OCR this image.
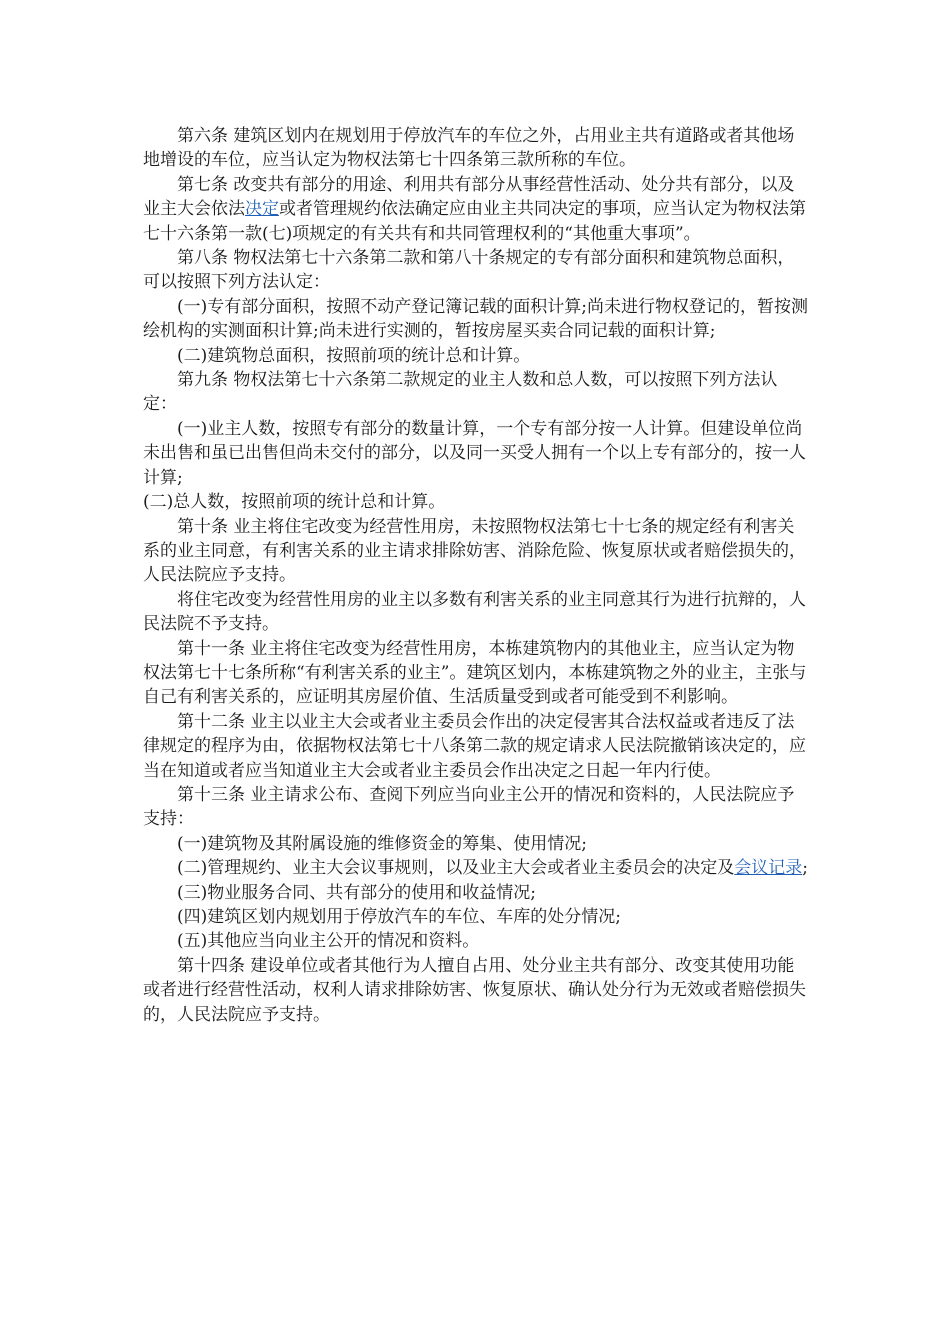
第六条 建筑区划内在规划用于停放汽车的车位之外，占用业主共有道路或者其他场地增设的车位，应当认定为物权法第七十四条第三款所称的车位。

第七条 改变共有部分的用途、利用共有部分从事经营性活动、处分共有部分，以及业主大会依法决定或者管理规约依法确定应由业主共同决定的事项，应当认定为物权法第七十六条第一款(七)项规定的有关共有和共同管理权利的“其他重大事项”。

第八条 物权法第七十六条第二款和第八十条规定的专有部分面积和建筑物总面积，可以按照下列方法认定：

(一)专有部分面积，按照不动产登记簿记载的面积计算;尚未进行物权登记的，暂按测绘机构的实测面积计算;尚未进行实测的，暂按房屋买卖合同记载的面积计算;

(二)建筑物总面积，按照前项的统计总和计算。

第九条 物权法第七十六条第二款规定的业主人数和总人数，可以按照下列方法认定：

(一)业主人数，按照专有部分的数量计算，一个专有部分按一人计算。但建设单位尚未出售和虽已出售但尚未交付的部分，以及同一买受人拥有一个以上专有部分的，按一人计算;

(二)总人数，按照前项的统计总和计算。

第十条 业主将住宅改变为经营性用房，未按照物权法第七十七条的规定经有利害关系的业主同意，有利害关系的业主请求排除妨害、消除危险、恢复原状或者赔偿损失的，人民法院应予支持。

将住宅改变为经营性用房的业主以多数有利害关系的业主同意其行为进行抗辩的，人民法院不予支持。

第十一条 业主将住宅改变为经营性用房，本栋建筑物内的其他业主，应当认定为物权法第七十七条所称“有利害关系的业主”。建筑区划内，本栋建筑物之外的业主，主张与自己有利害关系的，应证明其房屋价值、生活质量受到或者可能受到不利影响。

第十二条 业主以业主大会或者业主委员会作出的决定侵害其合法权益或者违反了法律规定的程序为由，依据物权法第七十八条第二款的规定请求人民法院撤销该决定的，应当在知道或者应当知道业主大会或者业主委员会作出决定之日起一年内行使。

第十三条 业主请求公布、查阅下列应当向业主公开的情况和资料的，人民法院应予支持：

(一)建筑物及其附属设施的维修资金的筹集、使用情况;

(二)管理规约、业主大会议事规则，以及业主大会或者业主委员会的决定及会议记录;

(三)物业服务合同、共有部分的使用和收益情况;

(四)建筑区划内规划用于停放汽车的车位、车库的处分情况;

(五)其他应当向业主公开的情况和资料。

第十四条 建设单位或者其他行为人擅自占用、处分业主共有部分、改变其使用功能或者进行经营性活动，权利人请求排除妨害、恢复原状、确认处分行为无效或者赔偿损失的，人民法院应予支持。
